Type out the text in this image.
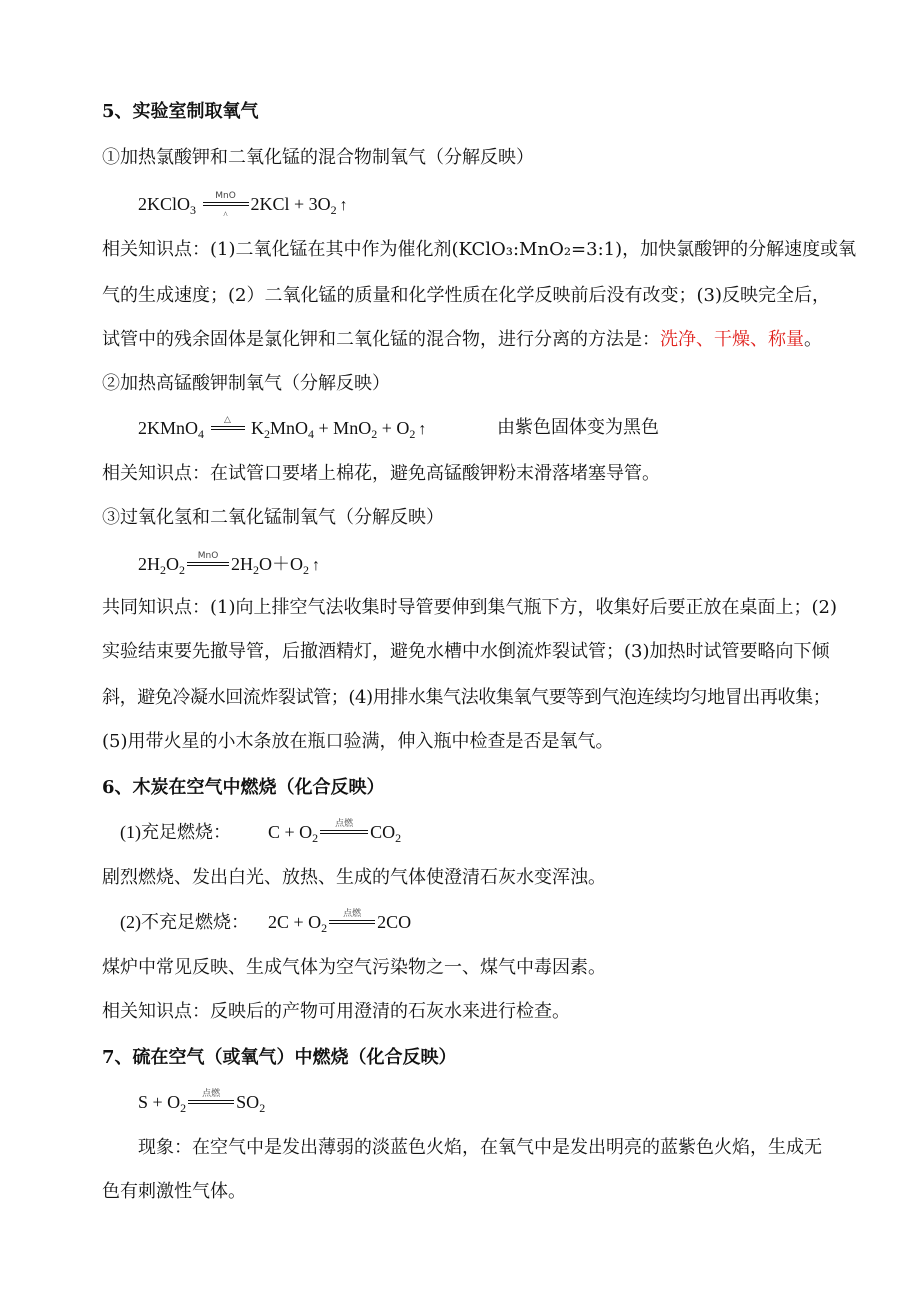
5、实验室制取氧气
①加热氯酸钾和二氧化锰的混合物制氧气（分解反映）
2KClO$_3$
MnO
^
$2KCl + 3O_2$ ↑
相关知识点：(1)二氧化锰在其中作为催化剂(KClO₃:MnO₂=3:1)，加快氯酸钾的分解速度或氧
气的生成速度；(2）二氧化锰的质量和化学性质在化学反映前后没有改变；(3)反映完全后，
试管中的残余固体是氯化钾和二氧化锰的混合物，进行分离的方法是：洗净、干燥、称量。
②加热高锰酸钾制氧气（分解反映）
2KMnO$_4$
△	$K_2MnO_4 + MnO_2 + O_2$ ↑	由紫色固体变为黑色
相关知识点：在试管口要堵上棉花，避免高锰酸钾粉末滑落堵塞导管。
③过氧化氢和二氧化锰制氧气（分解反映）
$2H_2O_2$
MnO $2H_2O+O_2$ ↑
共同知识点：(1)向上排空气法收集时导管要伸到集气瓶下方，收集好后要正放在桌面上；(2)
实验结束要先撤导管，后撤酒精灯，避免水槽中水倒流炸裂试管；(3)加热时试管要略向下倾
斜，避免冷凝水回流炸裂试管；(4)用排水集气法收集氧气要等到气泡连续均匀地冒出再收集；
(5)用带火星的小木条放在瓶口验满，伸入瓶中检查是否是氧气。
6、木炭在空气中燃烧（化合反映）
(1)充足燃烧： $C + O_2$
点燃 $CO_2$
剧烈燃烧、发出白光、放热、生成的气体使澄清石灰水变浑浊。
(2)不充足燃烧： $2C + O_2$
点燃 2CO
煤炉中常见反映、生成气体为空气污染物之一、煤气中毒因素。
相关知识点：反映后的产物可用澄清的石灰水来进行检查。
7、硫在空气（或氧气）中燃烧（化合反映）
$S + O_2$
点燃 $SO_2$
现象：在空气中是发出薄弱的淡蓝色火焰，在氧气中是发出明亮的蓝紫色火焰，生成无
色有刺激性气体。
